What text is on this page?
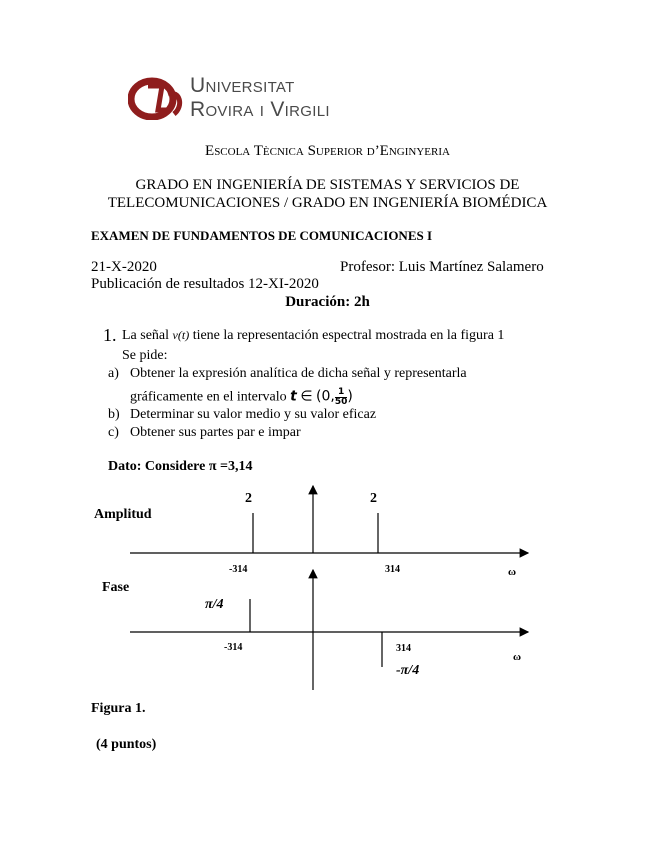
Universitat
Rovira i Virgili
Escola Tècnica Superior d’Enginyeria
GRADO EN INGENIERÍA DE SISTEMAS Y SERVICIOS DE
TELECOMUNICACIONES / GRADO EN INGENIERÍA BIOMÉDICA
EXAMEN DE FUNDAMENTOS DE COMUNICACIONES I
21-X-2020	Profesor: Luis Martínez Salamero
Publicación de resultados 12-XI-2020
Duración: 2h
1. La señal v(t) tiene la representación espectral mostrada en la figura 1
Se pide:
a) Obtener la expresión analítica de dicha señal y representarla
gráficamente en el intervalo t ∈ (0, $\frac{1}{50}$ )
b) Determinar su valor medio y su valor eficaz
c) Obtener sus partes par e impar
Dato: Considere π =3,14
Amplitud
2	2
-314	314	ω
Fase
π/4
-314	314
-π/4
ω
Figura 1.
(4 puntos)
